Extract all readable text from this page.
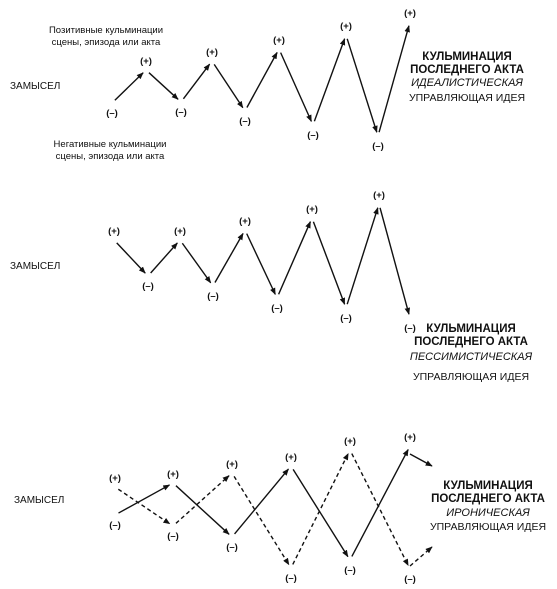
Позитивные кульминации
сцены, эпизода или акта
ЗАМЫСЕЛ
Негативные кульминации
сцены, эпизода или акта
(–)
(+)
(–)
(+)
(–)
(+)
(–)
(+)
(–)
(+)
КУЛЬМИНАЦИЯ
ПОСЛЕДНЕГО АКТА
ИДЕАЛИСТИЧЕСКАЯ
УПРАВЛЯЮЩАЯ ИДЕЯ
ЗАМЫСЕЛ
(+)
(–)
(+)
(–)
(+)
(–)
(+)
(–)
(+)
(–) КУЛЬМИНАЦИЯ
ПОСЛЕДНЕГО АКТА
ПЕССИМИСТИЧЕСКАЯ
УПРАВЛЯЮЩАЯ ИДЕЯ
ЗАМЫСЕЛ
(–)
(+)
(–)
(+)
(–)
(+)
(+)
(–)
(+)
(–)
(+)
(–)
КУЛЬМИНАЦИЯ
ПОСЛЕДНЕГО АКТА
ИРОНИЧЕСКАЯ
УПРАВЛЯЮЩАЯ ИДЕЯ
